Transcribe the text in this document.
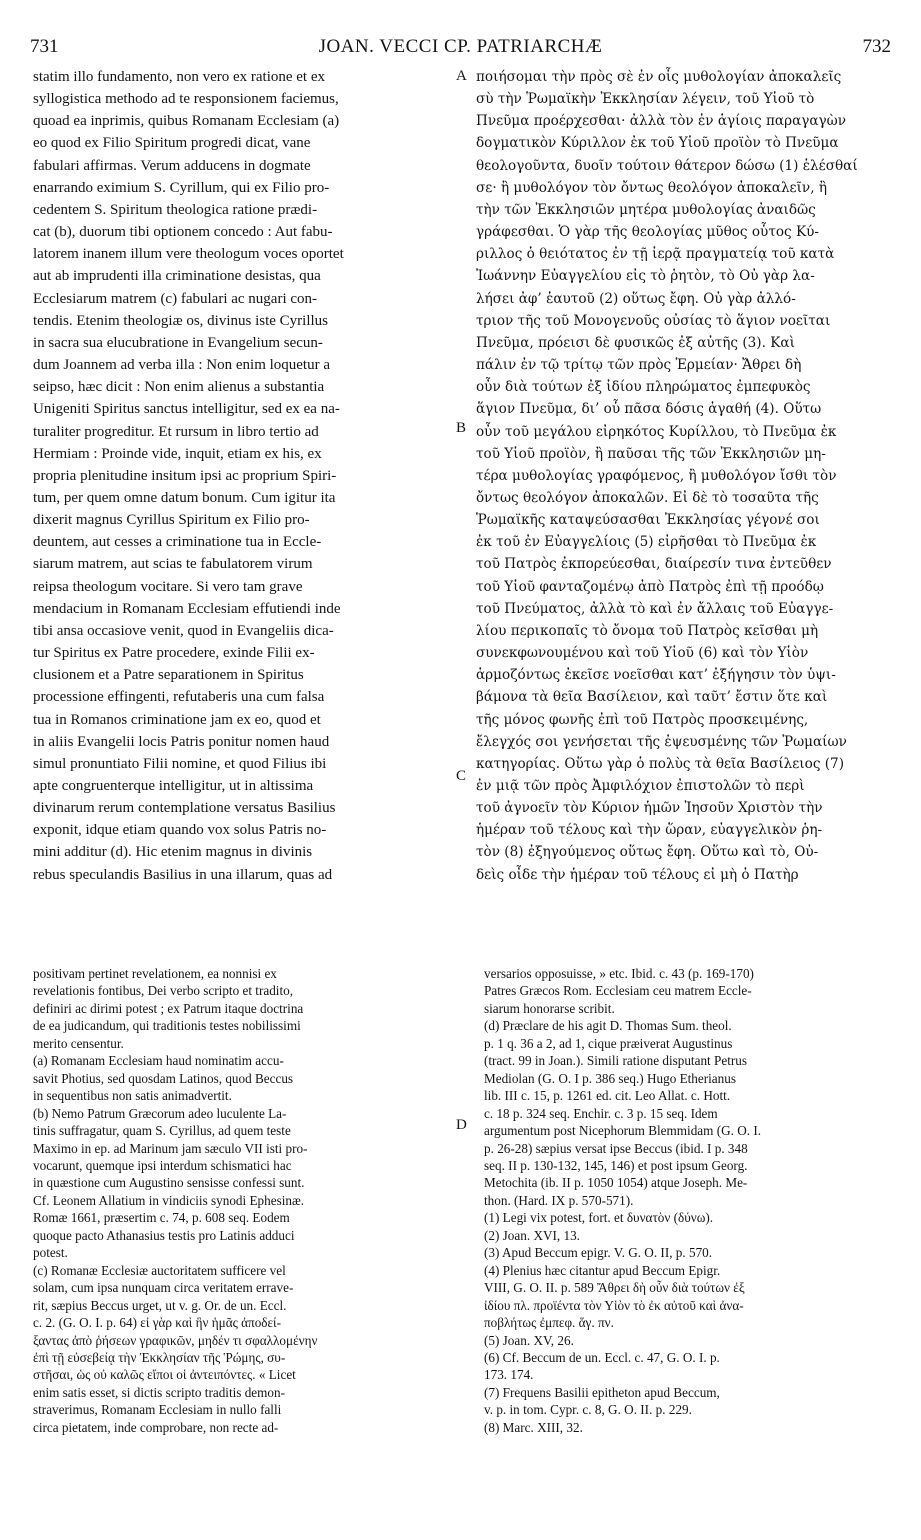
731	JOAN. VECCI CP. PATRIARCHÆ	732
A
B
C
D

statim illo fundamento, non vero ex ratione et ex

syllogistica methodo ad te responsionem faciemus,

quoad ea inprimis, quibus Romanam Ecclesiam (a)

eo quod ex Filio Spiritum progredi dicat, vane

fabulari affirmas. Verum adducens in dogmate

enarrando eximium S. Cyrillum, qui ex Filio pro-

cedentem S. Spiritum theologica ratione prædi-

cat (b), duorum tibi optionem concedo : Aut fabu-

latorem inanem illum vere theologum voces oportet

aut ab imprudenti illa criminatione desistas, qua

Ecclesiarum matrem (c) fabulari ac nugari con-

tendis. Etenim theologiæ os, divinus iste Cyrillus

in sacra sua elucubratione in Evangelium secun-

dum Joannem ad verba illa : Non enim loquetur a

seipso, hæc dicit : Non enim alienus a substantia

Unigeniti Spiritus sanctus intelligitur, sed ex ea na-

turaliter progreditur. Et rursum in libro tertio ad

Hermiam : Proinde vide, inquit, etiam ex his, ex

propria plenitudine insitum ipsi ac proprium Spiri-

tum, per quem omne datum bonum. Cum igitur ita

dixerit magnus Cyrillus Spiritum ex Filio pro-

deuntem, aut cesses a criminatione tua in Eccle-

siarum matrem, aut scias te fabulatorem virum

reipsa theologum vocitare. Si vero tam grave

mendacium in Romanam Ecclesiam effutiendi inde

tibi ansa occasiove venit, quod in Evangeliis dica-

tur Spiritus ex Patre procedere, exinde Filii ex-

clusionem et a Patre separationem in Spiritus

processione effingenti, refutaberis una cum falsa

tua in Romanos criminatione jam ex eo, quod et

in aliis Evangelii locis Patris ponitur nomen haud

simul pronuntiato Filii nomine, et quod Filius ibi

apte congruenterque intelligitur, ut in altissima

divinarum rerum contemplatione versatus Basilius

exponit, idque etiam quando vox solus Patris no-

mini additur (d). Hic etenim magnus in divinis

rebus speculandis Basilius in una illarum, quas ad

ποιήσομαι τὴν πρὸς σὲ ἐν οἷς μυθολογίαν ἀποκαλεῖς

σὺ τὴν Ῥωμαϊκὴν Ἐκκλησίαν λέγειν, τοῦ Υἱοῦ τὸ

Πνεῦμα προέρχεσθαι· ἀλλὰ τὸν ἐν ἁγίοις παραγαγὼν

δογματικὸν Κύριλλον ἐκ τοῦ Υἱοῦ προϊὸν τὸ Πνεῦμα

θεολογοῦντα, δυοῖν τούτοιν θάτερον δώσω (1) ἑλέσθαί

σε· ἢ μυθολόγον τὸν ὄντως θεολόγον ἀποκαλεῖν, ἢ

τὴν τῶν Ἐκκλησιῶν μητέρα μυθολογίας ἀναιδῶς

γράφεσθαι. Ὁ γὰρ τῆς θεολογίας μῦθος οὗτος Κύ-

ριλλος ὁ θειότατος ἐν τῇ ἱερᾷ πραγματείᾳ τοῦ κατὰ

Ἰωάννην Εὐαγγελίου εἰς τὸ ῥητὸν, τὸ Οὐ γὰρ λα-

λήσει ἀφ’ ἑαυτοῦ (2) οὕτως ἔφη. Οὐ γὰρ ἀλλό-

τριον τῆς τοῦ Μονογενοῦς οὐσίας τὸ ἅγιον νοεῖται

Πνεῦμα, πρόεισι δὲ φυσικῶς ἐξ αὐτῆς (3). Καὶ

πάλιν ἐν τῷ τρίτῳ τῶν πρὸς Ἑρμείαν· Ἄθρει δὴ

οὖν διὰ τούτων ἐξ ἰδίου πληρώματος ἐμπεφυκὸς

ἅγιον Πνεῦμα, δι’ οὗ πᾶσα δόσις ἀγαθή (4). Οὕτω

οὖν τοῦ μεγάλου εἰρηκότος Κυρίλλου, τὸ Πνεῦμα ἐκ

τοῦ Υἱοῦ προϊὸν, ἢ παῦσαι τῆς τῶν Ἐκκλησιῶν μη-

τέρα μυθολογίας γραφόμενος, ἢ μυθολόγον ἴσθι τὸν

ὄντως θεολόγον ἀποκαλῶν. Εἰ δὲ τὸ τοσαῦτα τῆς

Ῥωμαϊκῆς καταψεύσασθαι Ἐκκλησίας γέγονέ σοι

ἐκ τοῦ ἐν Εὐαγγελίοις (5) εἰρῆσθαι τὸ Πνεῦμα ἐκ

τοῦ Πατρὸς ἐκπορεύεσθαι, διαίρεσίν τινα ἐντεῦθεν

τοῦ Υἱοῦ φανταζομένῳ ἀπὸ Πατρὸς ἐπὶ τῇ προόδῳ

τοῦ Πνεύματος, ἀλλὰ τὸ καὶ ἐν ἄλλαις τοῦ Εὐαγγε-

λίου περικοπαῖς τὸ ὄνομα τοῦ Πατρὸς κεῖσθαι μὴ

συνεκφωνουμένου καὶ τοῦ Υἱοῦ (6) καὶ τὸν Υἱὸν

ἁρμοζόντως ἐκεῖσε νοεῖσθαι κατ’ ἐξήγησιν τὸν ὑψι-

βάμονα τὰ θεῖα Βασίλειον, καὶ ταῦτ’ ἔστιν ὅτε καὶ

τῆς μόνος φωνῆς ἐπὶ τοῦ Πατρὸς προσκειμένης,

ἔλεγχός σοι γενήσεται τῆς ἐψευσμένης τῶν Ῥωμαίων

κατηγορίας. Οὕτω γὰρ ὁ πολὺς τὰ θεῖα Βασίλειος (7)

ἐν μιᾷ τῶν πρὸς Ἀμφιλόχιον ἐπιστολῶν τὸ περὶ

τοῦ ἀγνοεῖν τὸν Κύριον ἡμῶν Ἰησοῦν Χριστὸν τὴν

ἡμέραν τοῦ τέλους καὶ τὴν ὥραν, εὐαγγελικὸν ῥη-

τὸν (8) ἐξηγούμενος οὕτως ἔφη. Οὕτω καὶ τὸ, Οὐ-

δεὶς οἶδε τὴν ἡμέραν τοῦ τέλους εἰ μὴ ὁ Πατὴρ

positivam pertinet revelationem, ea nonnisi ex

revelationis fontibus, Dei verbo scripto et tradito,

definiri ac dirimi potest ; ex Patrum itaque doctrina

de ea judicandum, qui traditionis testes nobilissimi

merito censentur.

(a) Romanam Ecclesiam haud nominatim accu-

savit Photius, sed quosdam Latinos, quod Beccus

in sequentibus non satis animadvertit.

(b) Nemo Patrum Græcorum adeo luculente La-

tinis suffragatur, quam S. Cyrillus, ad quem teste

Maximo in ep. ad Marinum jam sæculo VII isti pro-

vocarunt, quemque ipsi interdum schismatici hac

in quæstione cum Augustino sensisse confessi sunt.

Cf. Leonem Allatium in vindiciis synodi Ephesinæ.

Romæ 1661, præsertim c. 74, p. 608 seq. Eodem

quoque pacto Athanasius testis pro Latinis adduci

potest.

(c) Romanæ Ecclesiæ auctoritatem sufficere vel

solam, cum ipsa nunquam circa veritatem errave-

rit, sæpius Beccus urget, ut v. g. Or. de un. Eccl.

c. 2. (G. O. I. p. 64) εἰ γὰρ καὶ ἣν ἡμᾶς ἀποδεί-

ξαντας ἀπὸ ῥήσεων γραφικῶν, μηδέν τι σφαλλομένην

ἐπὶ τῇ εὐσεβείᾳ τὴν Ἐκκλησίαν τῆς Ῥώμης, συ-

στῆσαι, ὡς οὐ καλῶς εἴποι οἱ ἀντειπόντες. « Licet

enim satis esset, si dictis scripto traditis demon-

straverimus, Romanam Ecclesiam in nullo falli

circa pietatem, inde comprobare, non recte ad-

versarios opposuisse, » etc. Ibid. c. 43 (p. 169-170)

Patres Græcos Rom. Ecclesiam ceu matrem Eccle-

siarum honorarse scribit.

(d) Præclare de his agit D. Thomas Sum. theol.

p. 1 q. 36 a 2, ad 1, cique præiverat Augustinus

(tract. 99 in Joan.). Simili ratione disputant Petrus

Mediolan (G. O. I p. 386 seq.) Hugo Etherianus

lib. III c. 15, p. 1261 ed. cit. Leo Allat. c. Hott.

c. 18 p. 324 seq. Enchir. c. 3 p. 15 seq. Idem

argumentum post Nicephorum Blemmidam (G. O. I.

p. 26-28) sæpius versat ipse Beccus (ibid. I p. 348

seq. II p. 130-132, 145, 146) et post ipsum Georg.

Metochita (ib. II p. 1050 1054) atque Joseph. Me-

thon. (Hard. IX p. 570-571).

(1) Legi vix potest, fort. et δυνατὸν (δύνω).

(2) Joan. XVI, 13.

(3) Apud Beccum epigr. V. G. O. II, p. 570.

(4) Plenius hæc citantur apud Beccum Epigr.

VIII, G. O. II. p. 589 Ἄθρει δὴ οὖν διὰ τούτων ἐξ

ἰδίου πλ. προϊέντα τὸν Υἱὸν τὸ ἐκ αὐτοῦ καὶ ἀνα-

ποβλήτως ἐμπεφ. ἅγ. πν.

(5) Joan. XV, 26.

(6) Cf. Beccum de un. Eccl. c. 47, G. O. I. p.

173. 174.

(7) Frequens Basilii epitheton apud Beccum,

v. p. in tom. Cypr. c. 8, G. O. II. p. 229.

(8) Marc. XIII, 32.
